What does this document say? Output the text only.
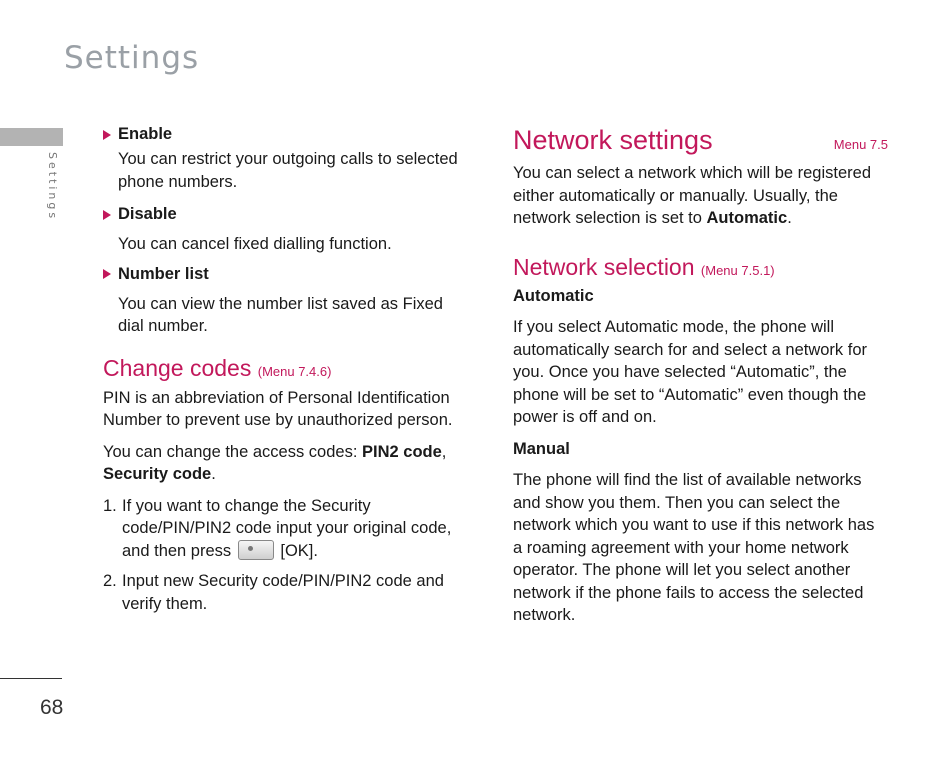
Settings
Settings
68
Enable

You can restrict your outgoing calls to selected phone numbers.

Disable

You can cancel fixed dialling function.

Number list

You can view the number list saved as Fixed dial number.

Change codes (Menu 7.4.6)

PIN is an abbreviation of Personal Identification Number to prevent use by unauthorized person.

You can change the access codes: PIN2 code, Security code.

1. If you want to change the Security code/PIN/PIN2 code input your original code, and then press	[OK].

2. Input new Security code/PIN/PIN2 code and verify them.

Network settings	Menu 7.5

You can select a network which will be registered either automatically or manually. Usually, the network selection is set to Automatic.

Network selection (Menu 7.5.1)

Automatic

If you select Automatic mode, the phone will automatically search for and select a network for you. Once you have selected “Automatic”, the phone will be set to “Automatic” even though the power is off and on.

Manual

The phone will find the list of available networks and show you them. Then you can select the network which you want to use if this network has a roaming agreement with your home network operator. The phone will let you select another network if the phone fails to access the selected network.
